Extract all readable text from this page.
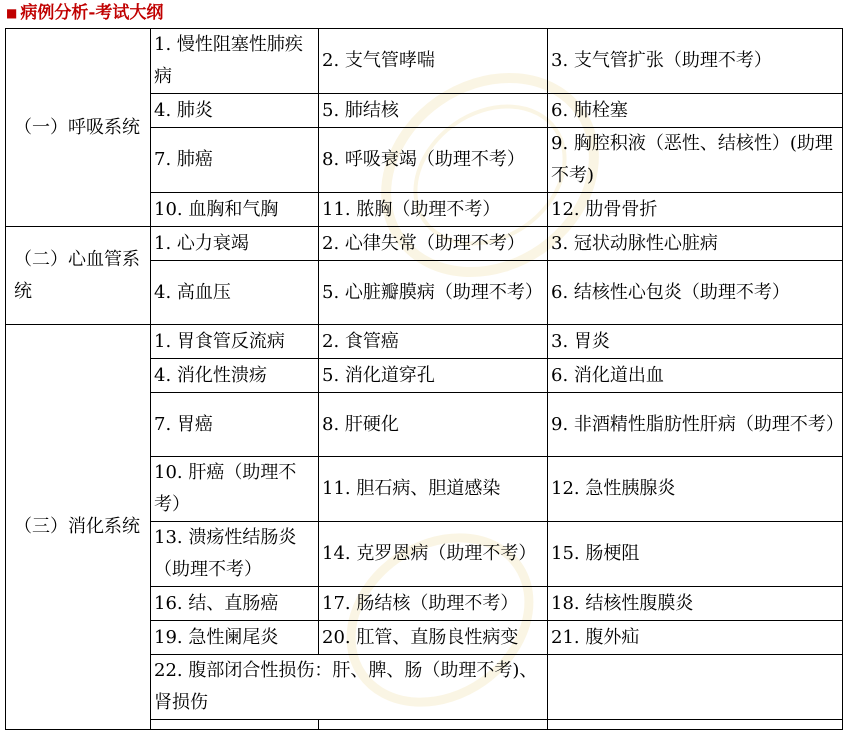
■ 病例分析-考试大纲
（一）呼吸系统	1. 慢性阻塞性肺疾病	2. 支气管哮喘	3. 支气管扩张（助理不考）
	4. 肺炎	5. 肺结核	6. 肺栓塞
	7. 肺癌	8. 呼吸衰竭（助理不考）	9. 胸腔积液（恶性、结核性）(助理不考)
	10. 血胸和气胸	11. 脓胸（助理不考）	12. 肋骨骨折
（二）心血管系统	1. 心力衰竭	2. 心律失常（助理不考）	3. 冠状动脉性心脏病
	4. 高血压	5. 心脏瓣膜病（助理不考）	6. 结核性心包炎（助理不考）
（三）消化系统	1. 胃食管反流病	2. 食管癌	3. 胃炎
	4. 消化性溃疡	5. 消化道穿孔	6. 消化道出血
	7. 胃癌	8. 肝硬化	9. 非酒精性脂肪性肝病（助理不考）
	10. 肝癌（助理不考）	11. 胆石病、胆道感染	12. 急性胰腺炎
	13. 溃疡性结肠炎（助理不考）	14. 克罗恩病（助理不考）	15. 肠梗阻
	16. 结、直肠癌	17. 肠结核（助理不考）	18. 结核性腹膜炎
	19. 急性阑尾炎	20. 肛管、直肠良性病变	21. 腹外疝
	22. 腹部闭合性损伤：肝、脾、肠（助理不考)、肾损伤		
